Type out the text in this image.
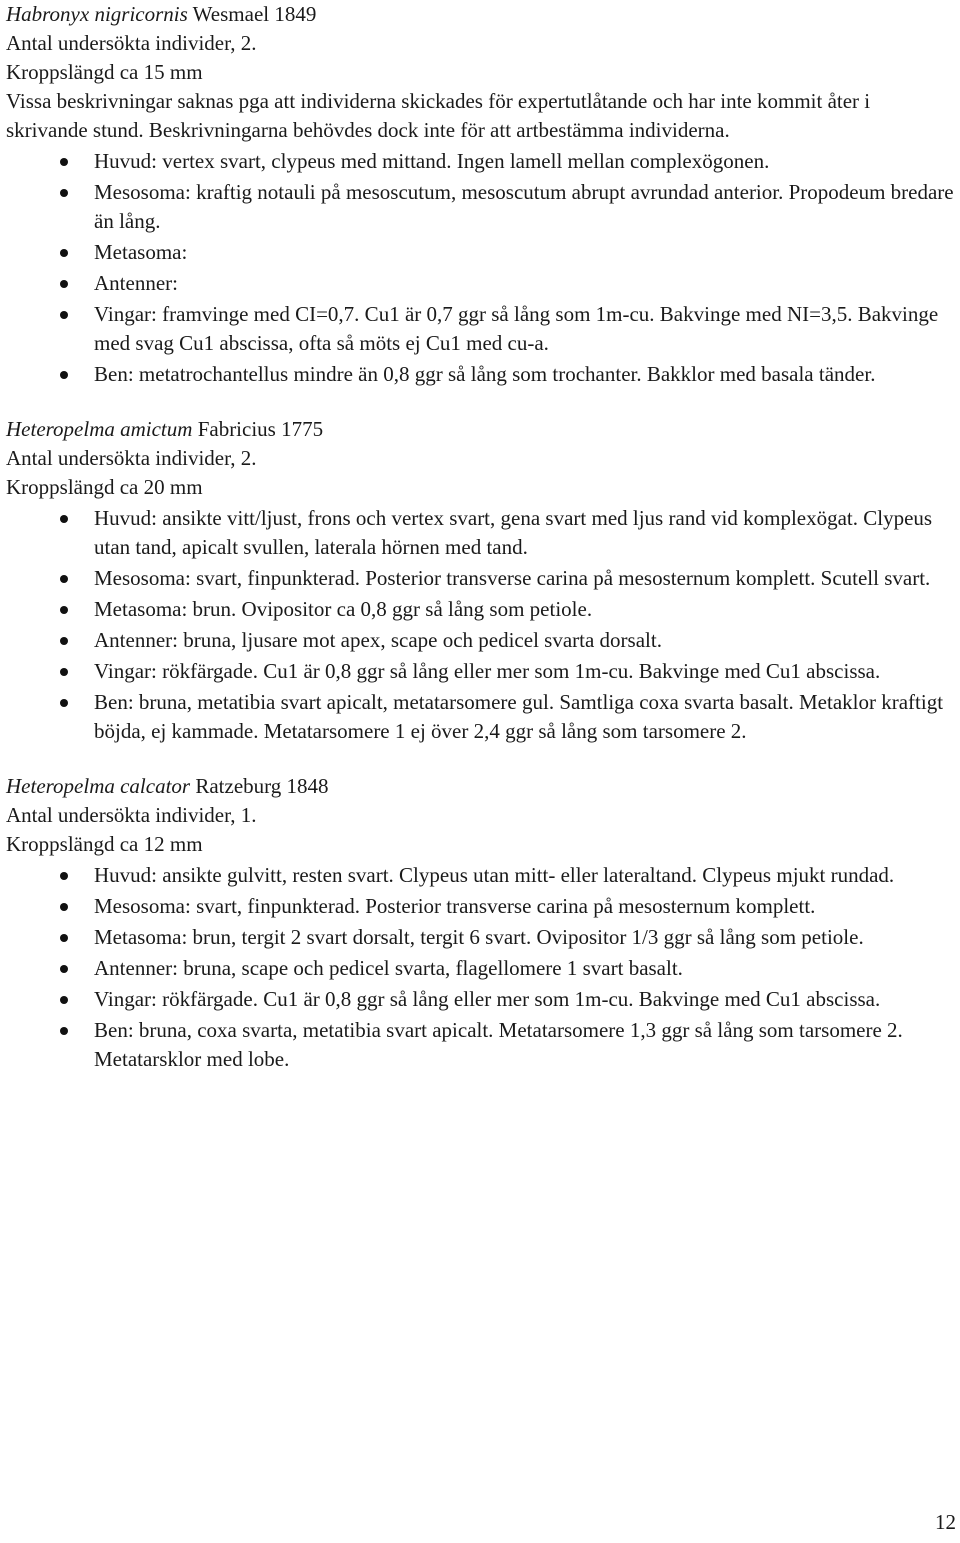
Habronyx nigricornis Wesmael 1849
Antal undersökta individer, 2.
Kroppslängd ca 15 mm
Vissa beskrivningar saknas pga att individerna skickades för expertutlåtande och har inte kommit åter i skrivande stund. Beskrivningarna behövdes dock inte för att artbestämma individerna.
Huvud: vertex svart, clypeus med mittand. Ingen lamell mellan complexögonen.
Mesosoma: kraftig notauli på mesoscutum, mesoscutum abrupt avrundad anterior. Propodeum bredare än lång.
Metasoma:
Antenner:
Vingar: framvinge med CI=0,7. Cu1 är 0,7 ggr så lång som 1m-cu. Bakvinge med NI=3,5. Bakvinge med svag Cu1 abscissa, ofta så möts ej Cu1 med cu-a.
Ben: metatrochantellus mindre än 0,8 ggr så lång som trochanter. Bakklor med basala tänder.
Heteropelma amictum Fabricius 1775
Antal undersökta individer, 2.
Kroppslängd ca 20 mm
Huvud: ansikte vitt/ljust, frons och vertex svart, gena svart med ljus rand vid komplexögat. Clypeus utan tand, apicalt svullen, laterala hörnen med tand.
Mesosoma: svart, finpunkterad. Posterior transverse carina på mesosternum komplett. Scutell svart.
Metasoma: brun. Ovipositor ca 0,8 ggr så lång som petiole.
Antenner: bruna, ljusare mot apex, scape och pedicel svarta dorsalt.
Vingar: rökfärgade. Cu1 är 0,8 ggr så lång eller mer som 1m-cu. Bakvinge med Cu1 abscissa.
Ben: bruna, metatibia svart apicalt, metatarsomere gul. Samtliga coxa svarta basalt. Metaklor kraftigt böjda, ej kammade. Metatarsomere 1 ej över 2,4 ggr så lång som tarsomere 2.
Heteropelma calcator Ratzeburg 1848
Antal undersökta individer, 1.
Kroppslängd ca 12 mm
Huvud: ansikte gulvitt, resten svart. Clypeus utan mitt- eller lateraltand. Clypeus mjukt rundad.
Mesosoma: svart, finpunkterad. Posterior transverse carina på mesosternum komplett.
Metasoma: brun, tergit 2 svart dorsalt, tergit 6 svart. Ovipositor 1/3 ggr så lång som petiole.
Antenner: bruna, scape och pedicel svarta, flagellomere 1 svart basalt.
Vingar: rökfärgade. Cu1 är 0,8 ggr så lång eller mer som 1m-cu. Bakvinge med Cu1 abscissa.
Ben: bruna, coxa svarta, metatibia svart apicalt. Metatarsomere 1,3 ggr så lång som tarsomere 2. Metatarsklor med lobe.
12
